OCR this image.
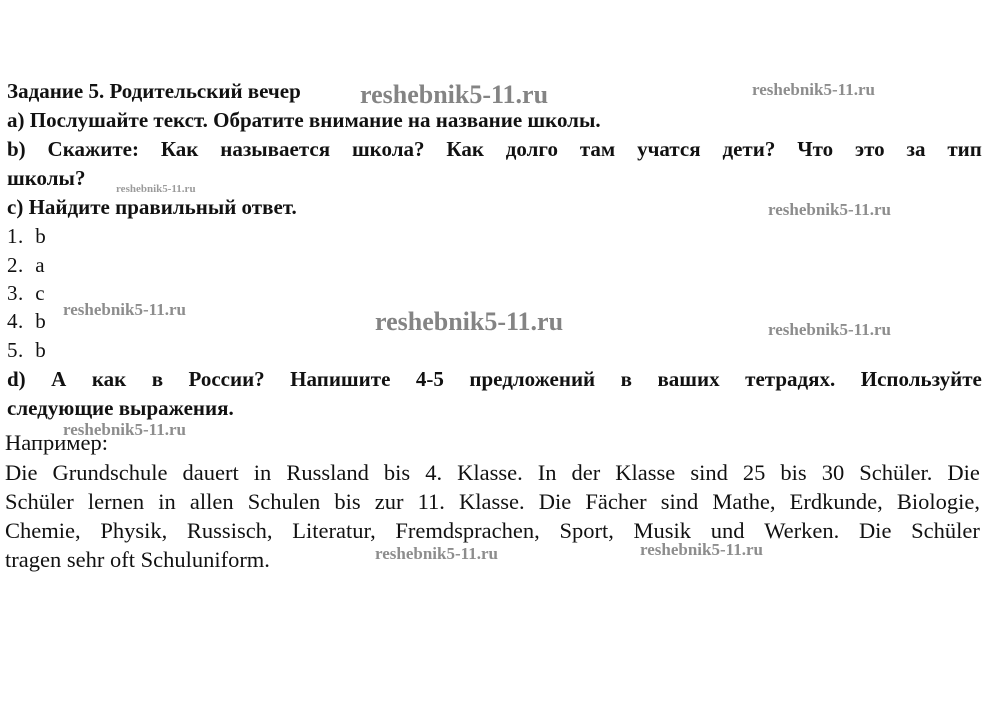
Задание 5. Родительский вечер
a) Послушайте текст. Обратите внимание на название школы.
b) Скажите: Как называется школа? Как долго там учатся дети? Что это за тип
школы?
c) Найдите правильный ответ.
1. b
2. a
3. c
4. b
5. b
d) А как в России? Напишите 4-5 предложений в ваших тетрадях. Используйте
следующие выражения.
Например:
Die Grundschule dauert in Russland bis 4. Klasse. In der Klasse sind 25 bis 30 Schüler. Die
Schüler lernen in allen Schulen bis zur 11. Klasse. Die Fächer sind Mathe, Erdkunde, Biologie,
Chemie, Physik, Russisch, Literatur, Fremdsprachen, Sport, Musik und Werken. Die Schüler
tragen sehr oft Schuluniform.
reshebnik5-11.ru	reshebnik5-11.ru
reshebnik5-11.ru
reshebnik5-11.ru
reshebnik5-11.ru	reshebnik5-11.ru	reshebnik5-11.ru
reshebnik5-11.ru
reshebnik5-11.ru	reshebnik5-11.ru
